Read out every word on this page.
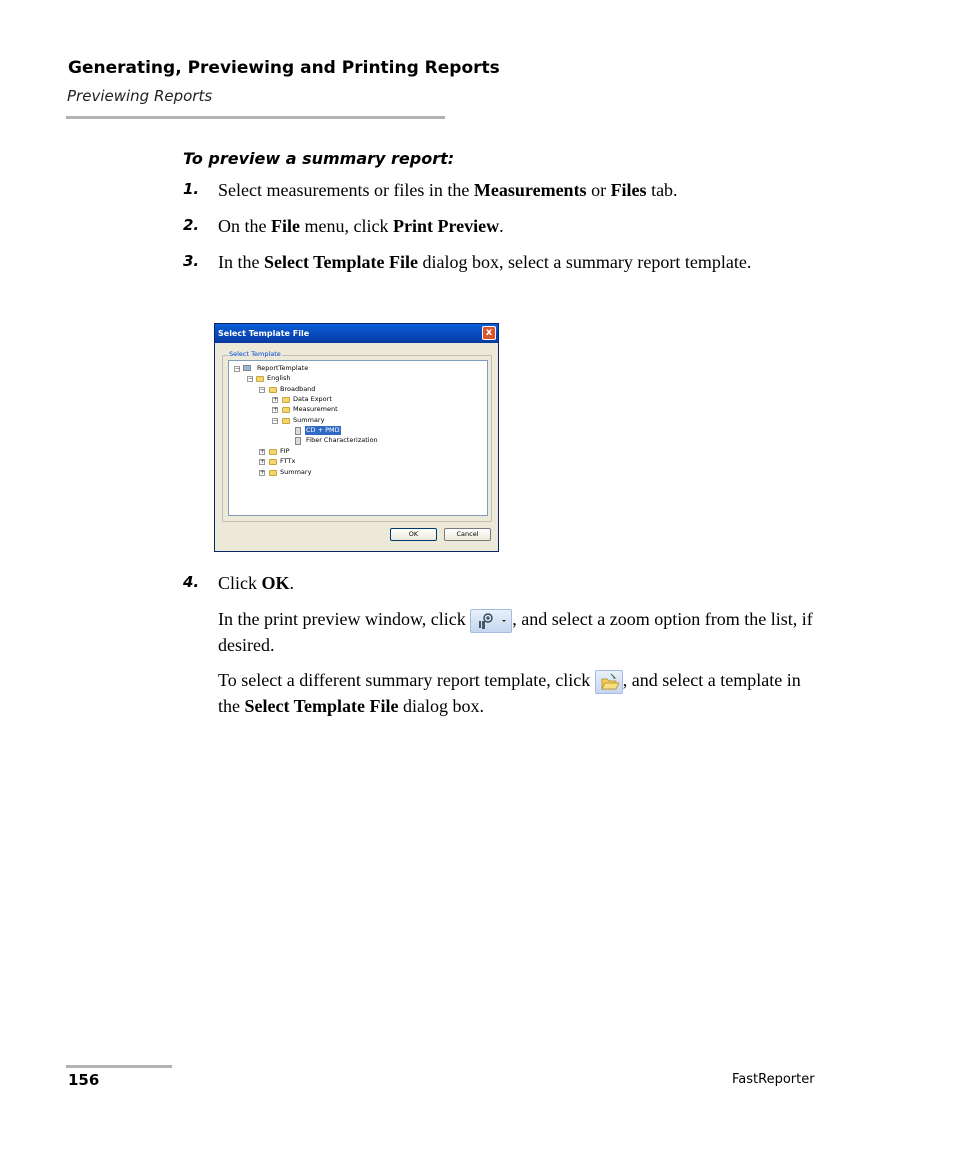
Generating, Previewing and Printing Reports
Previewing Reports
To preview a summary report:
1. Select measurements or files in the Measurements or Files tab.
2. On the File menu, click Print Preview.
3. In the Select Template File dialog box, select a summary report template.
Select Template File	x
Select Template
−	ReportTemplate
− English
− Broadband
+ Data Export
+ Measurement
− Summary
CD + PMD
Fiber Characterization
+ FIP
+ FTTx
+ Summary
OK	Cancel
4. Click OK.
In the print preview window, click , and select a zoom option from the list, if desired.
To select a different summary report template, click , and select a template in the Select Template File dialog box.
156	FastReporter
